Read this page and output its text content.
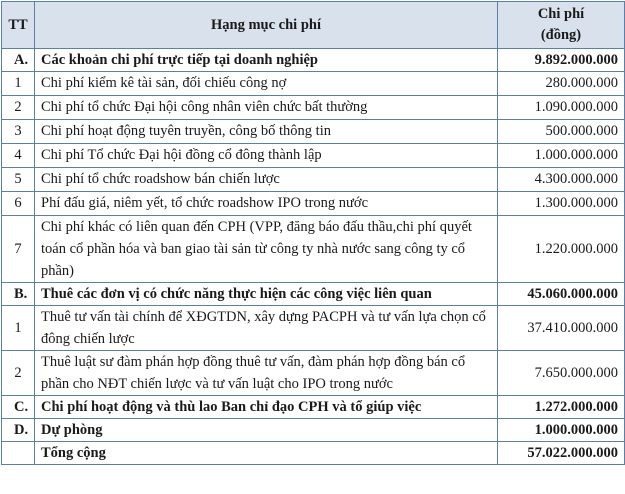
TT	Hạng mục chi phí	Chi phí
(đồng)

A.	Các khoản chi phí trực tiếp tại doanh nghiệp	9.892.000.000
1	Chi phí kiểm kê tài sản, đối chiếu công nợ	280.000.000
2	Chi phí tổ chức Đại hội công nhân viên chức bất thường	1.090.000.000
3	Chi phí hoạt động tuyên truyền, công bố thông tin	500.000.000
4	Chi phí Tổ chức Đại hội đồng cổ đông thành lập	1.000.000.000
5	Chi phí tổ chức roadshow bán chiến lược	4.300.000.000
6	Phí đấu giá, niêm yết, tổ chức roadshow IPO trong nước	1.300.000.000
7	Chi phí khác có liên quan đến CPH (VPP, đăng báo đấu thầu,chi phí quyết toán cổ phần hóa và ban giao tài sản từ công ty nhà nước sang công ty cổ phần)	1.220.000.000
B.	Thuê các đơn vị có chức năng thực hiện các công việc liên quan	45.060.000.000
1	Thuê tư vấn tài chính để XĐGTDN, xây dựng PACPH và tư vấn lựa chọn cổ đông chiến lược	37.410.000.000
2	Thuê luật sư đàm phán hợp đồng thuê tư vấn, đàm phán hợp đồng bán cổ phần cho NĐT chiến lược và tư vấn luật cho IPO trong nước	7.650.000.000
C.	Chi phí hoạt động và thù lao Ban chỉ đạo CPH và tổ giúp việc	1.272.000.000
D.	Dự phòng	1.000.000.000
	Tổng cộng	57.022.000.000
